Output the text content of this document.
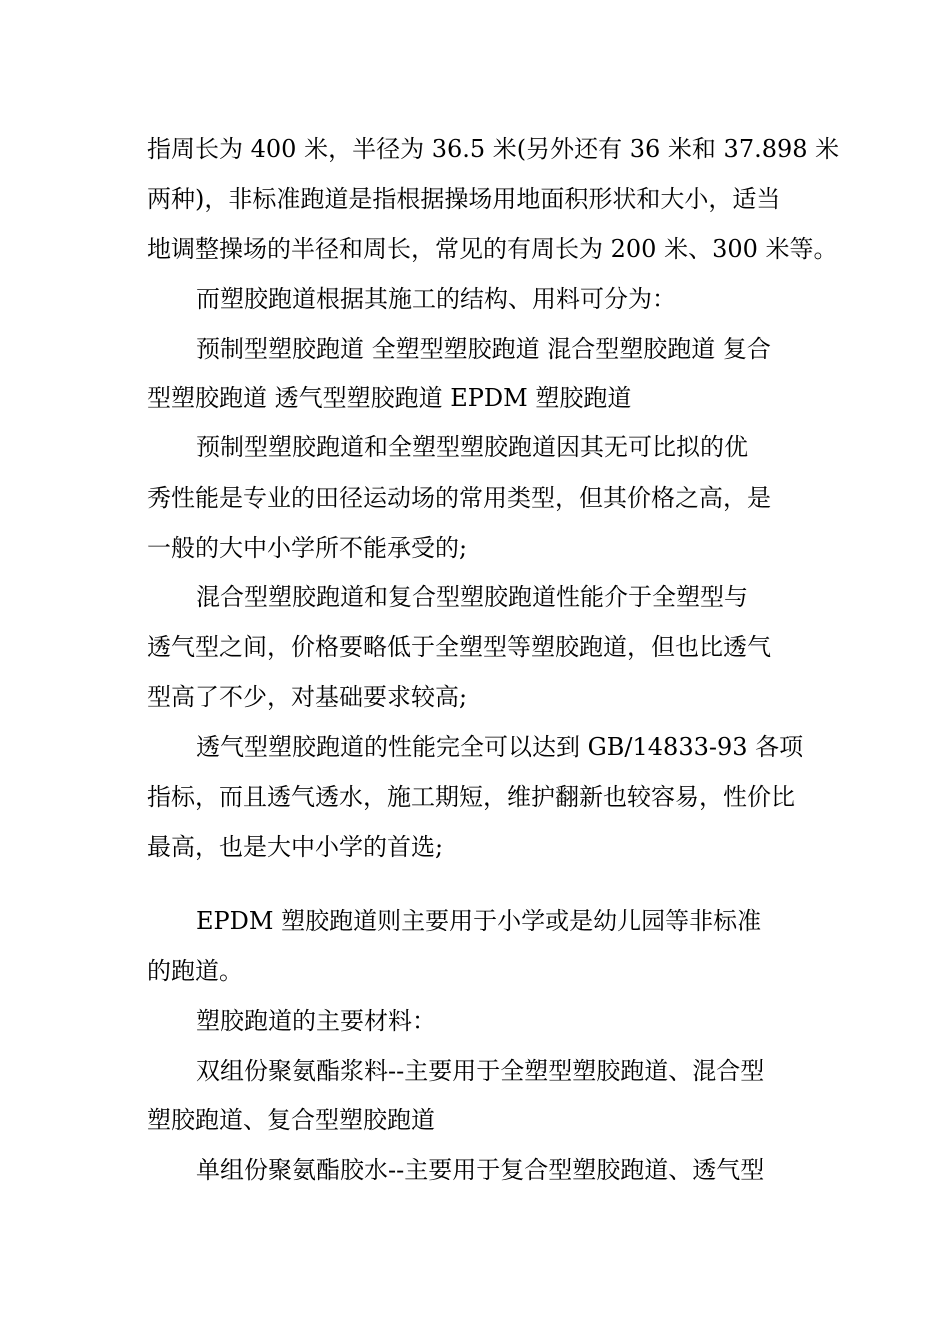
指周长为 400 米，半径为 36.5 米(另外还有 36 米和 37.898 米
两种)，非标准跑道是指根据操场用地面积形状和大小，适当
地调整操场的半径和周长，常见的有周长为 200 米、300 米等。
而塑胶跑道根据其施工的结构、用料可分为：
预制型塑胶跑道 全塑型塑胶跑道 混合型塑胶跑道 复合
型塑胶跑道 透气型塑胶跑道 EPDM 塑胶跑道
预制型塑胶跑道和全塑型塑胶跑道因其无可比拟的优
秀性能是专业的田径运动场的常用类型，但其价格之高，是
一般的大中小学所不能承受的;
混合型塑胶跑道和复合型塑胶跑道性能介于全塑型与
透气型之间，价格要略低于全塑型等塑胶跑道，但也比透气
型高了不少，对基础要求较高;
透气型塑胶跑道的性能完全可以达到 GB/14833-93 各项
指标，而且透气透水，施工期短，维护翻新也较容易，性价比
最高，也是大中小学的首选;
EPDM 塑胶跑道则主要用于小学或是幼儿园等非标准
的跑道。
塑胶跑道的主要材料：
双组份聚氨酯浆料--主要用于全塑型塑胶跑道、混合型
塑胶跑道、复合型塑胶跑道
单组份聚氨酯胶水--主要用于复合型塑胶跑道、透气型
